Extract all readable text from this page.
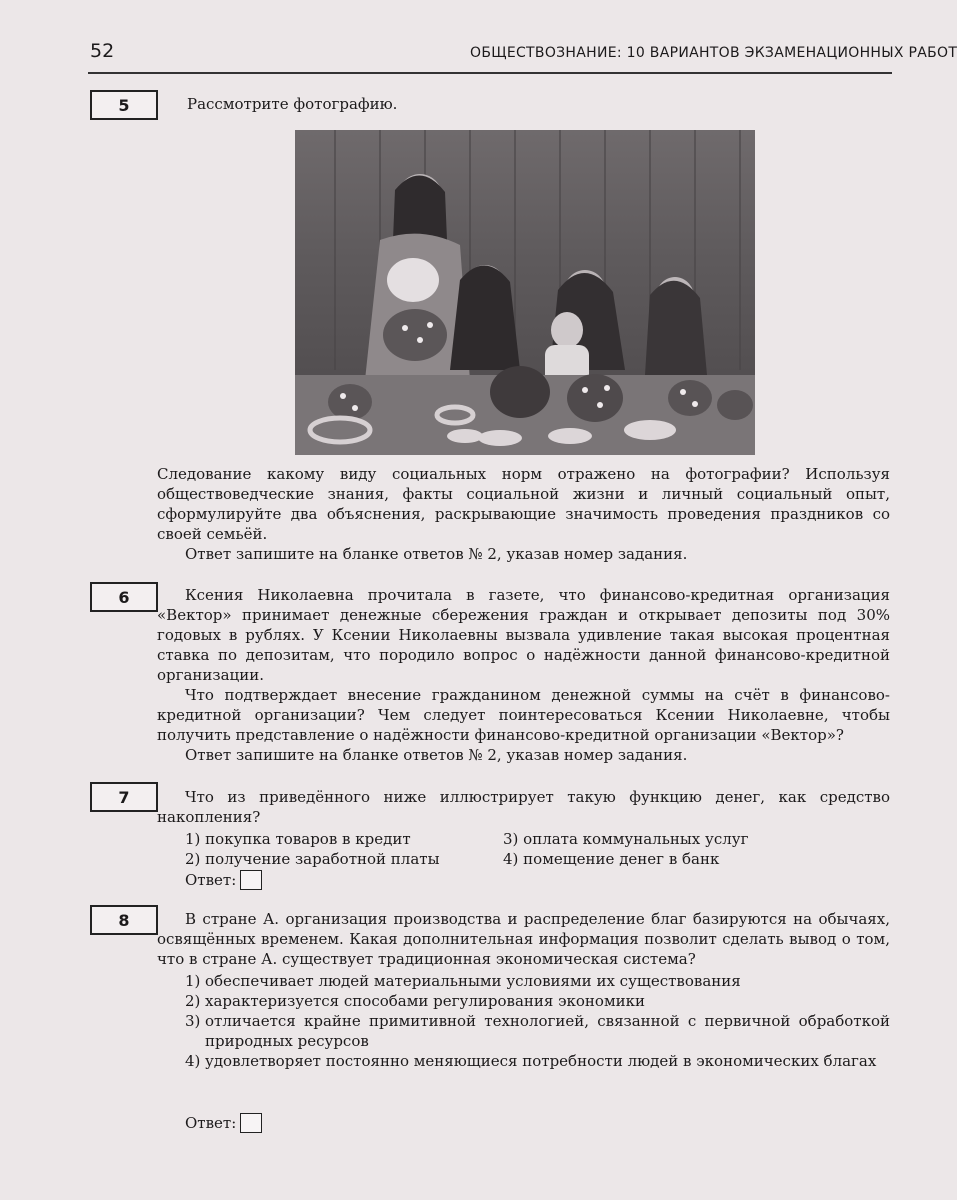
52	ОБЩЕСТВОЗНАНИЕ: 10 ВАРИАНТОВ ЭКЗАМЕНАЦИОННЫХ РАБОТ
5	Рассмотрите фотографию.

Следование какому виду социальных норм отражено на фотографии? Используя обществоведческие знания, факты социальной жизни и личный социальный опыт, сформулируйте два объяснения, раскрывающие значимость проведения праздников со своей семьёй.

Ответ запишите на бланке ответов № 2, указав номер задания.

6	Ксения Николаевна прочитала в газете, что финансово-кредитная организация «Вектор» принимает денежные сбережения граждан и открывает депозиты под 30% годовых в рублях. У Ксении Николаевны вызвала удивление такая высокая процентная ставка по депозитам, что породило вопрос о надёжности данной финансово-кредитной организации.

Что подтверждает внесение гражданином денежной суммы на счёт в финансово-кредитной организации? Чем следует поинтересоваться Ксении Николаевне, чтобы получить представление о надёжности финансово-кредитной организации «Вектор»?

Ответ запишите на бланке ответов № 2, указав номер задания.

7	Что из приведённого ниже иллюстрирует такую функцию денег, как средство накопления?

1) покупка товаров в кредит	3) оплата коммунальных услуг
2) получение заработной платы	4) помещение денег в банк
Ответ:
8	В стране А. организация производства и распределение благ базируются на обычаях, освящённых временем. Какая дополнительная информация позволит сделать вывод о том, что в стране А. существует традиционная экономическая система?

1) обеспечивает людей материальными условиями их существования
2) характеризуется способами регулирования экономики
3) отличается крайне примитивной технологией, связанной с первичной обработкой природных ресурсов
4) удовлетворяет постоянно меняющиеся потребности людей в экономических благах
Ответ:
